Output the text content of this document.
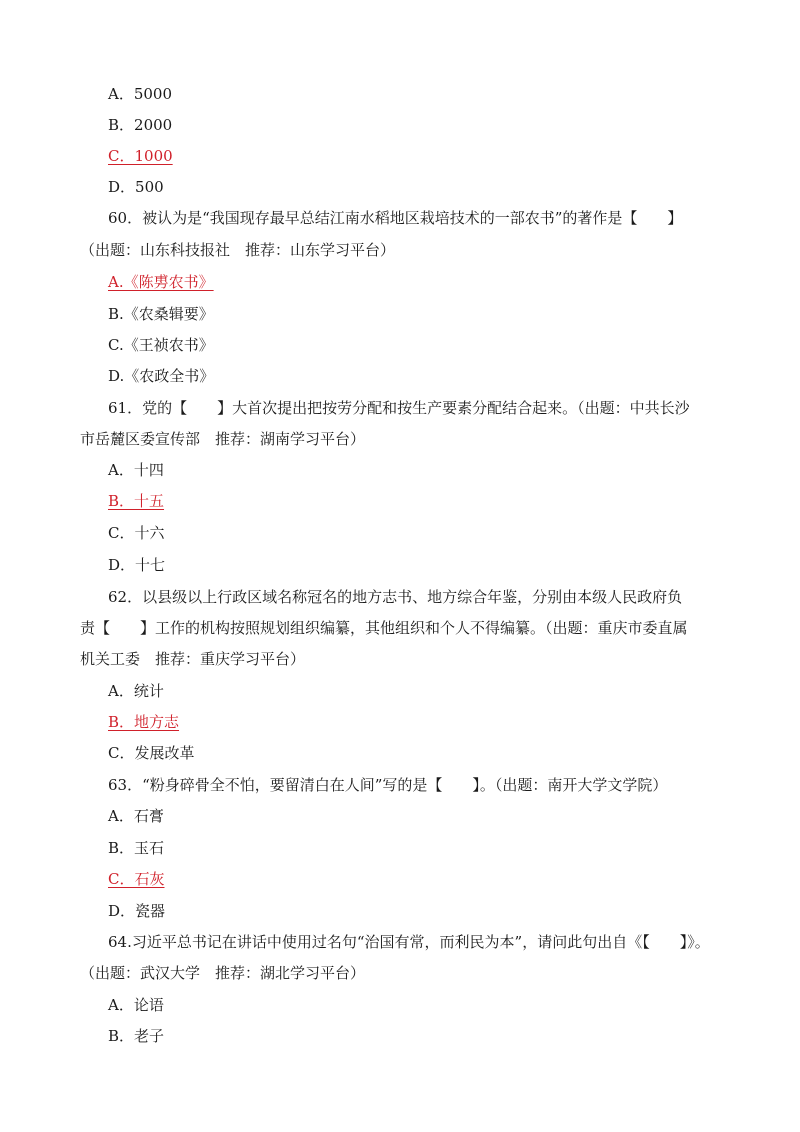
A．5000
B．2000
C．1000
D．500
60．被认为是“我国现存最早总结江南水稻地区栽培技术的一部农书”的著作是【　　】
（出题：山东科技报社　推荐：山东学习平台）
A.《陈旉农书》
B.《农桑辑要》
C.《王祯农书》
D.《农政全书》
61．党的【　　】大首次提出把按劳分配和按生产要素分配结合起来。（出题：中共长沙
市岳麓区委宣传部　推荐：湖南学习平台）
A．十四
B．十五
C．十六
D．十七
62．以县级以上行政区域名称冠名的地方志书、地方综合年鉴，分别由本级人民政府负
责【　　】工作的机构按照规划组织编纂，其他组织和个人不得编纂。（出题：重庆市委直属
机关工委　推荐：重庆学习平台）
A．统计
B．地方志
C．发展改革
63．“粉身碎骨全不怕，要留清白在人间”写的是【　　】。（出题：南开大学文学院）
A．石膏
B．玉石
C．石灰
D．瓷器
64.习近平总书记在讲话中使用过名句“治国有常，而利民为本”，请问此句出自《【　　】》。
（出题：武汉大学　推荐：湖北学习平台）
A．论语
B．老子
